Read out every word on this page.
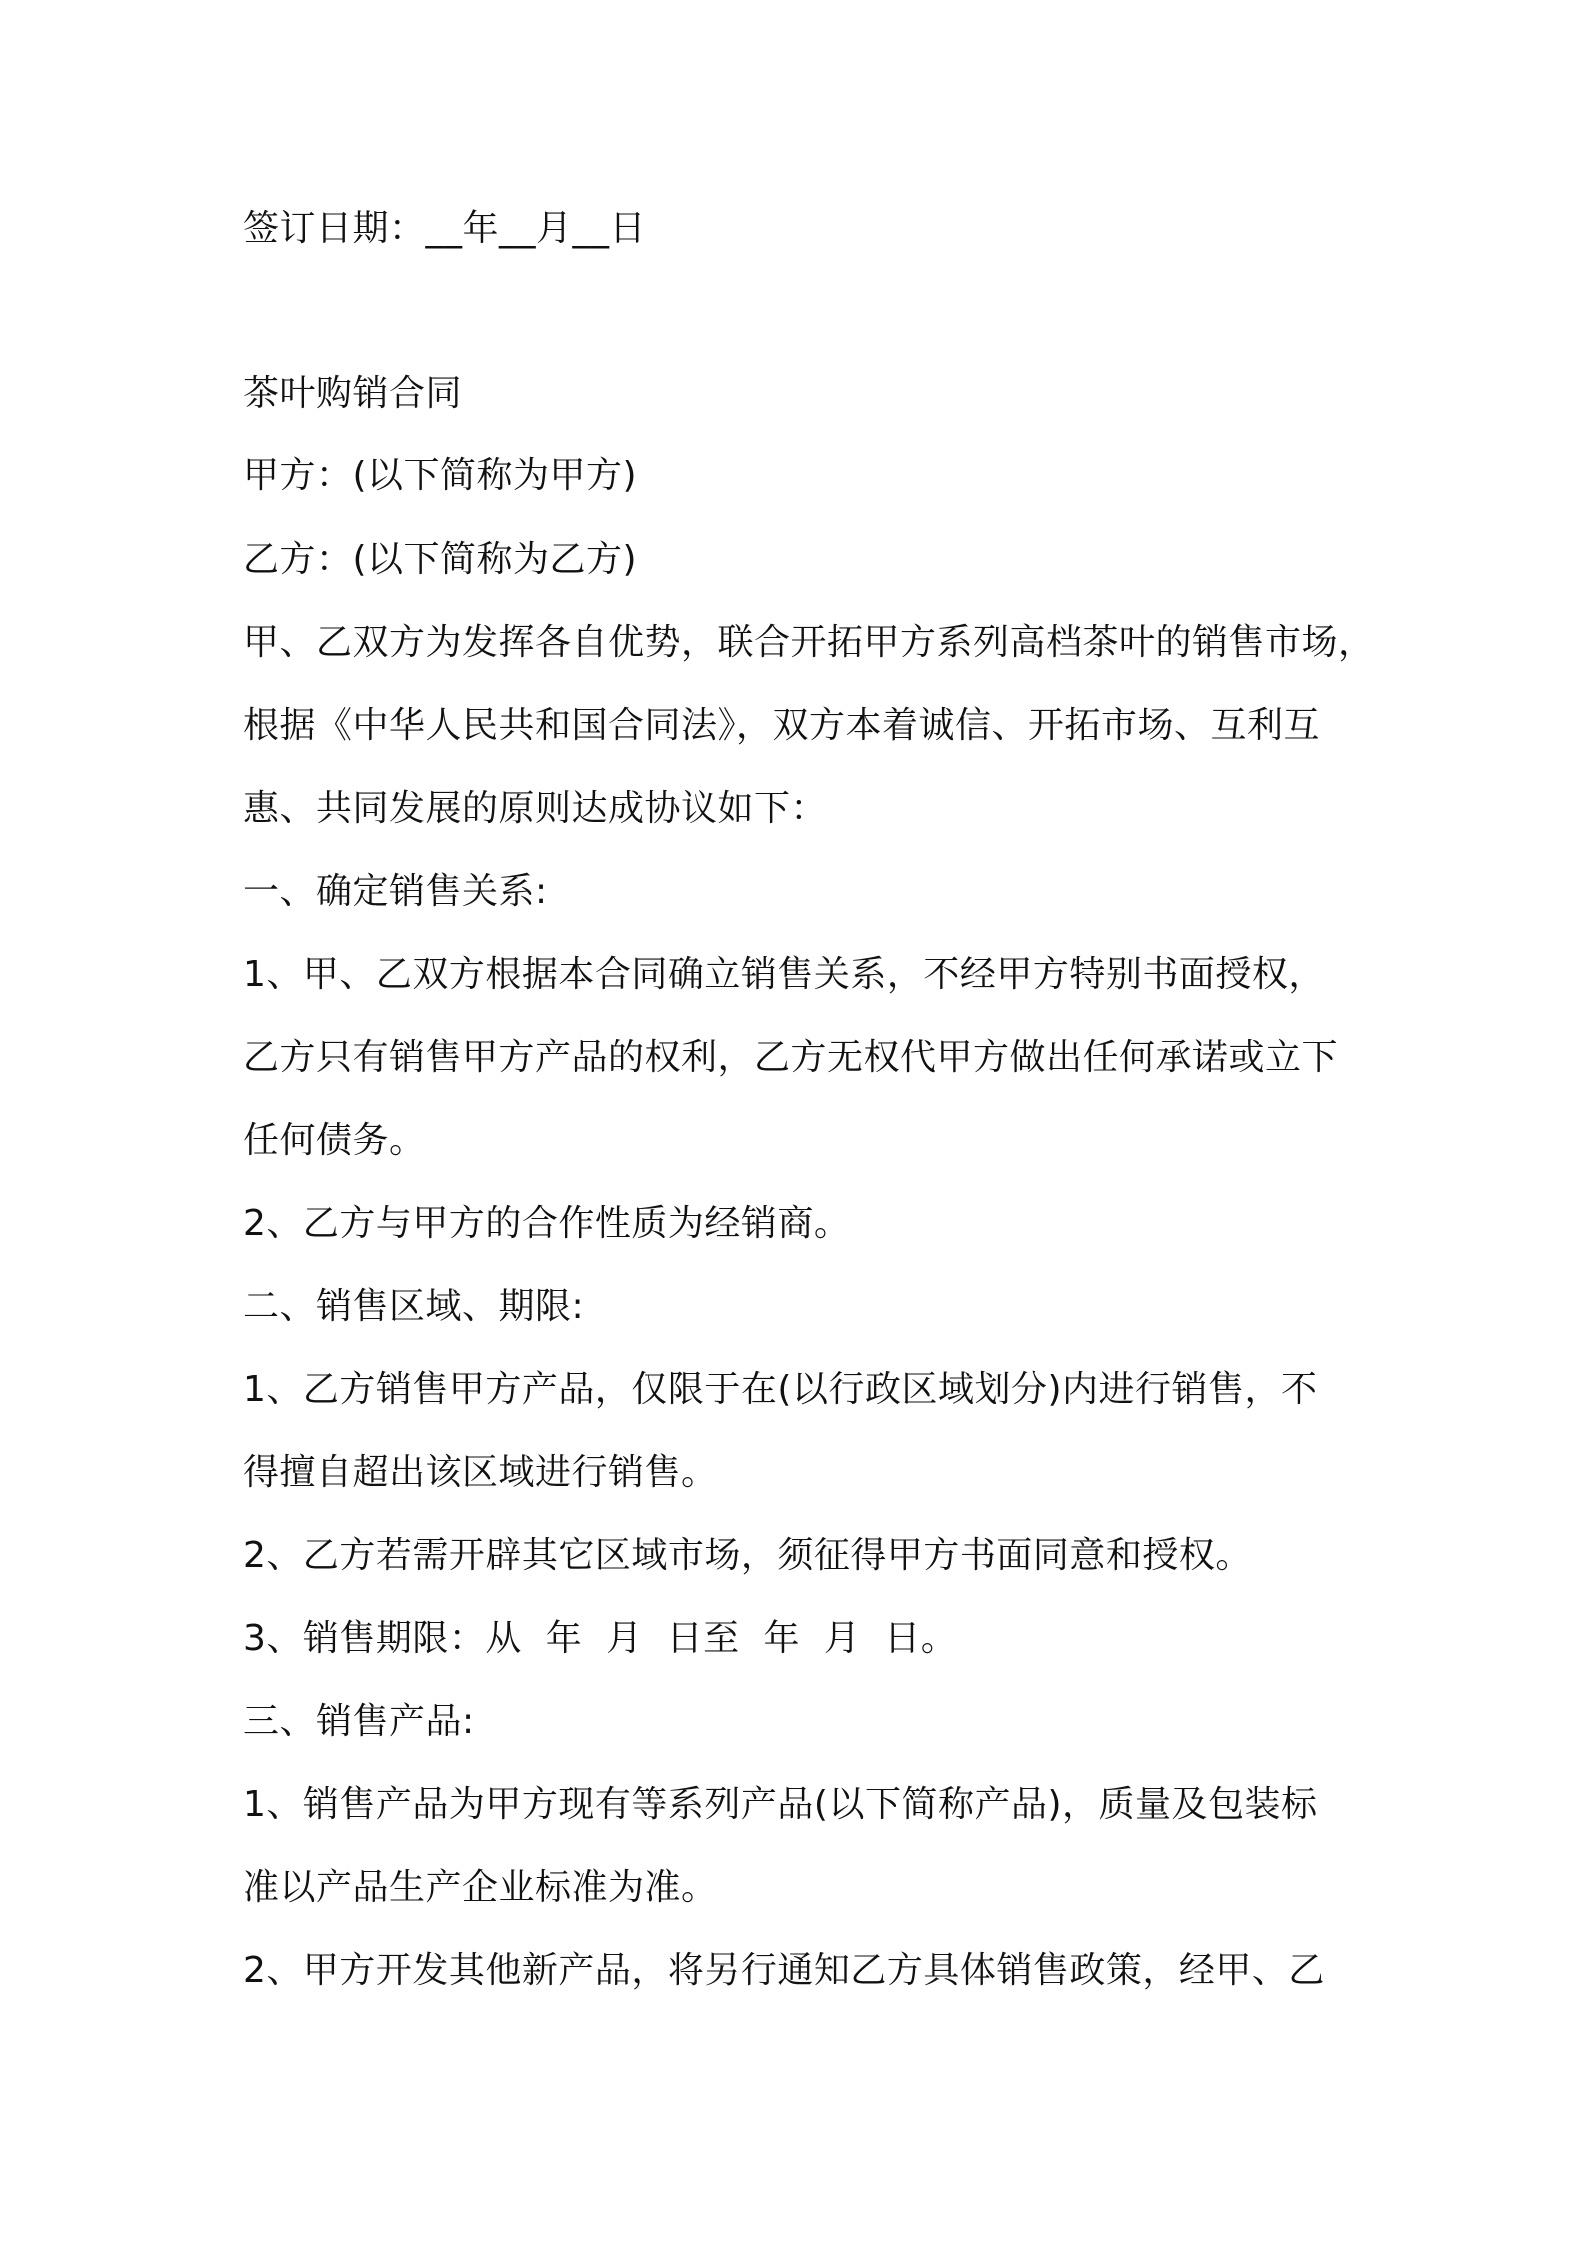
签订日期：__年__月__日
茶叶购销合同
甲方：(以下简称为甲方)
乙方：(以下简称为乙方)
甲、乙双方为发挥各自优势，联合开拓甲方系列高档茶叶的销售市场，
根据《中华人民共和国合同法》，双方本着诚信、开拓市场、互利互
惠、共同发展的原则达成协议如下：
一、确定销售关系:
1、甲、乙双方根据本合同确立销售关系，不经甲方特别书面授权，
乙方只有销售甲方产品的权利，乙方无权代甲方做出任何承诺或立下
任何债务。
2、乙方与甲方的合作性质为经销商。
二、销售区域、期限:
1、乙方销售甲方产品，仅限于在(以行政区域划分)内进行销售，不
得擅自超出该区域进行销售。
2、乙方若需开辟其它区域市场，须征得甲方书面同意和授权。
3、销售期限：从  年  月  日至  年  月  日。
三、销售产品:
1、销售产品为甲方现有等系列产品(以下简称产品)，质量及包装标
准以产品生产企业标准为准。
2、甲方开发其他新产品，将另行通知乙方具体销售政策，经甲、乙
